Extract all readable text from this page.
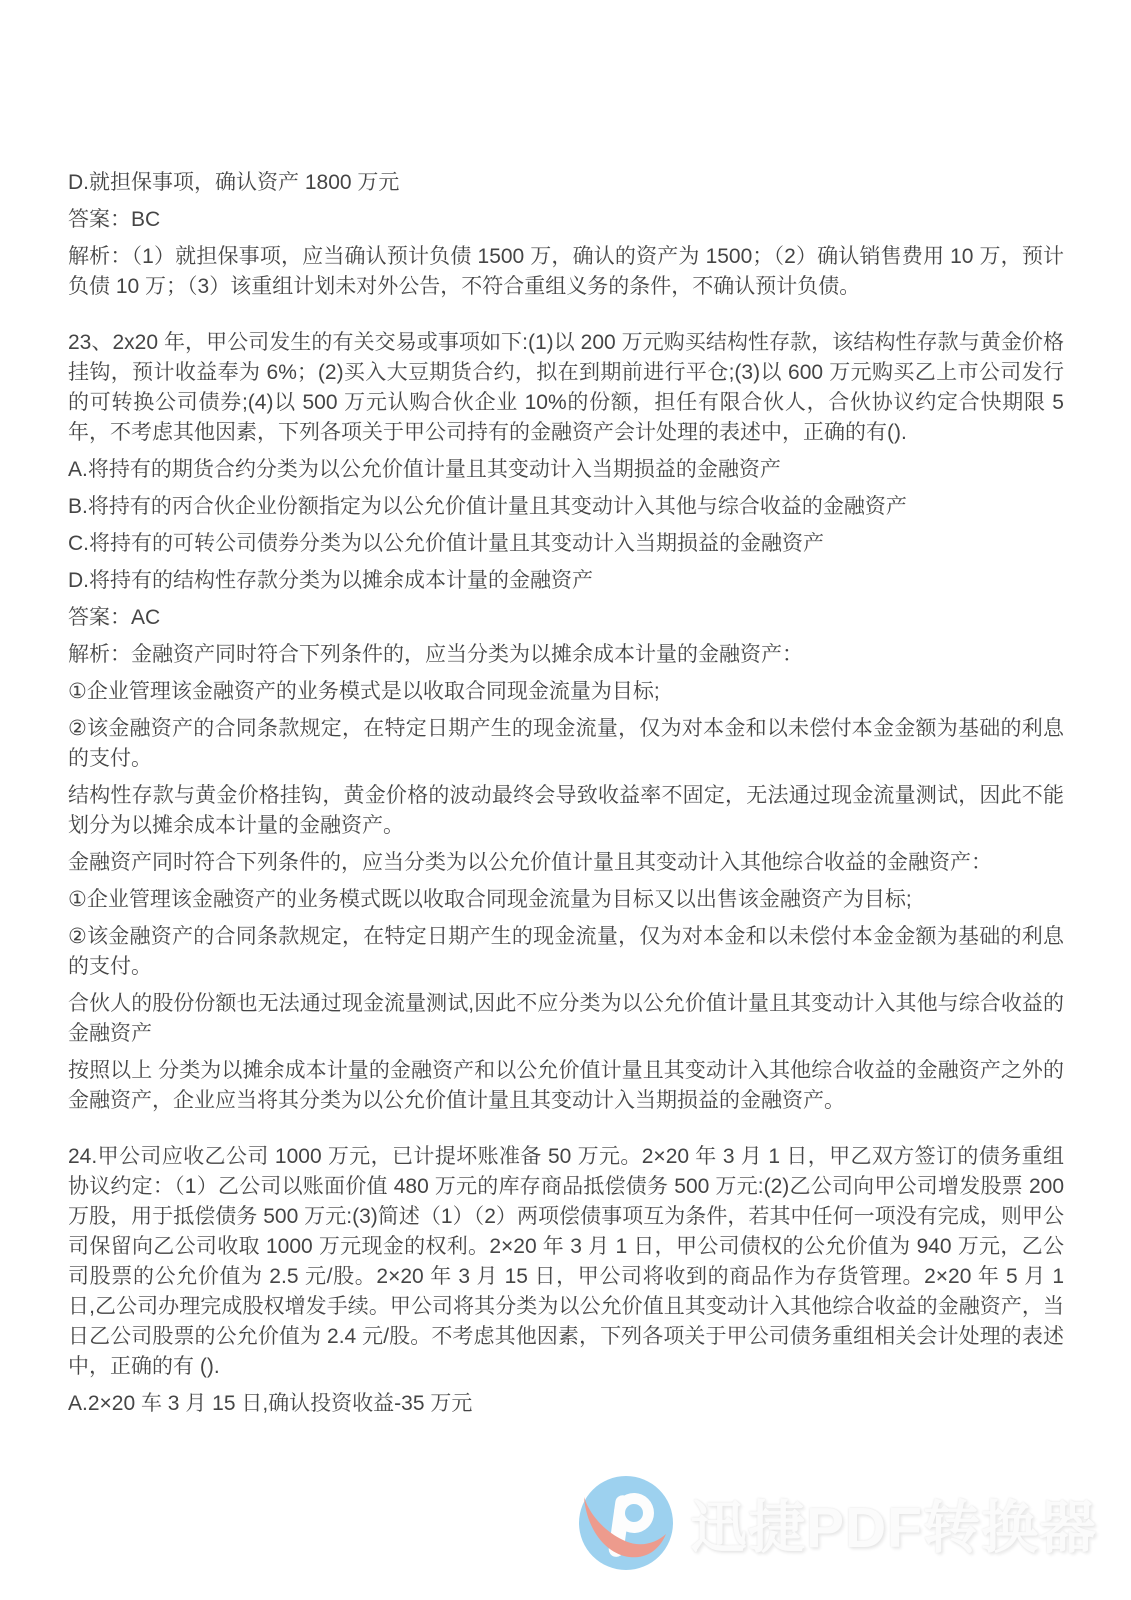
D.就担保事项，确认资产 1800 万元

答案：BC

解析：（1）就担保事项，应当确认预计负债 1500 万，确认的资产为 1500；（2）确认销售费用 10 万，预计负债 10 万；（3）该重组计划未对外公告，不符合重组义务的条件，不确认预计负债。

23、2x20 年，甲公司发生的有关交易或事项如下:(1)以 200 万元购买结构性存款，该结构性存款与黄金价格挂钩，预计收益奉为 6%；(2)买入大豆期货合约，拟在到期前进行平仓;(3)以 600 万元购买乙上市公司发行的可转换公司债券;(4)以 500 万元认购合伙企业 10%的份额，担任有限合伙人，合伙协议约定合快期限 5 年，不考虑其他因素，下列各项关于甲公司持有的金融资产会计处理的表述中，正确的有().

A.将持有的期货合约分类为以公允价值计量且其变动计入当期损益的金融资产

B.将持有的丙合伙企业份额指定为以公允价值计量且其变动计入其他与综合收益的金融资产

C.将持有的可转公司债券分类为以公允价值计量且其变动计入当期损益的金融资产

D.将持有的结构性存款分类为以摊余成本计量的金融资产

答案：AC

解析：金融资产同时符合下列条件的，应当分类为以摊余成本计量的金融资产：

①企业管理该金融资产的业务模式是以收取合同现金流量为目标;

②该金融资产的合同条款规定，在特定日期产生的现金流量，仅为对本金和以未偿付本金金额为基础的利息的支付。

结构性存款与黄金价格挂钩，黄金价格的波动最终会导致收益率不固定，无法通过现金流量测试，因此不能划分为以摊余成本计量的金融资产。

金融资产同时符合下列条件的，应当分类为以公允价值计量且其变动计入其他综合收益的金融资产：

①企业管理该金融资产的业务模式既以收取合同现金流量为目标又以出售该金融资产为目标;

②该金融资产的合同条款规定，在特定日期产生的现金流量，仅为对本金和以未偿付本金金额为基础的利息的支付。

合伙人的股份份额也无法通过现金流量测试,因此不应分类为以公允价值计量且其变动计入其他与综合收益的金融资产

按照以上 分类为以摊余成本计量的金融资产和以公允价值计量且其变动计入其他综合收益的金融资产之外的金融资产，企业应当将其分类为以公允价值计量且其变动计入当期损益的金融资产。

24.甲公司应收乙公司 1000 万元，已计提坏账准备 50 万元。2×20 年 3 月 1 日，甲乙双方签订的债务重组协议约定：（1）乙公司以账面价值 480 万元的库存商品抵偿债务 500 万元:(2)乙公司向甲公司增发股票 200 万股，用于抵偿债务 500 万元:(3)简述（1）（2）两项偿债事项互为条件，若其中任何一项没有完成，则甲公司保留向乙公司收取 1000 万元现金的权利。2×20 年 3 月 1 日，甲公司债权的公允价值为 940 万元，乙公司股票的公允价值为 2.5 元/股。2×20 年 3 月 15 日，甲公司将收到的商品作为存货管理。2×20 年 5 月 1 日,乙公司办理完成股权增发手续。甲公司将其分类为以公允价值且其变动计入其他综合收益的金融资产，当日乙公司股票的公允价值为 2.4 元/股。不考虑其他因素，下列各项关于甲公司债务重组相关会计处理的表述中，正确的有 ().

A.2×20 车 3 月 15 日,确认投资收益-35 万元

迅捷PDF转换器
